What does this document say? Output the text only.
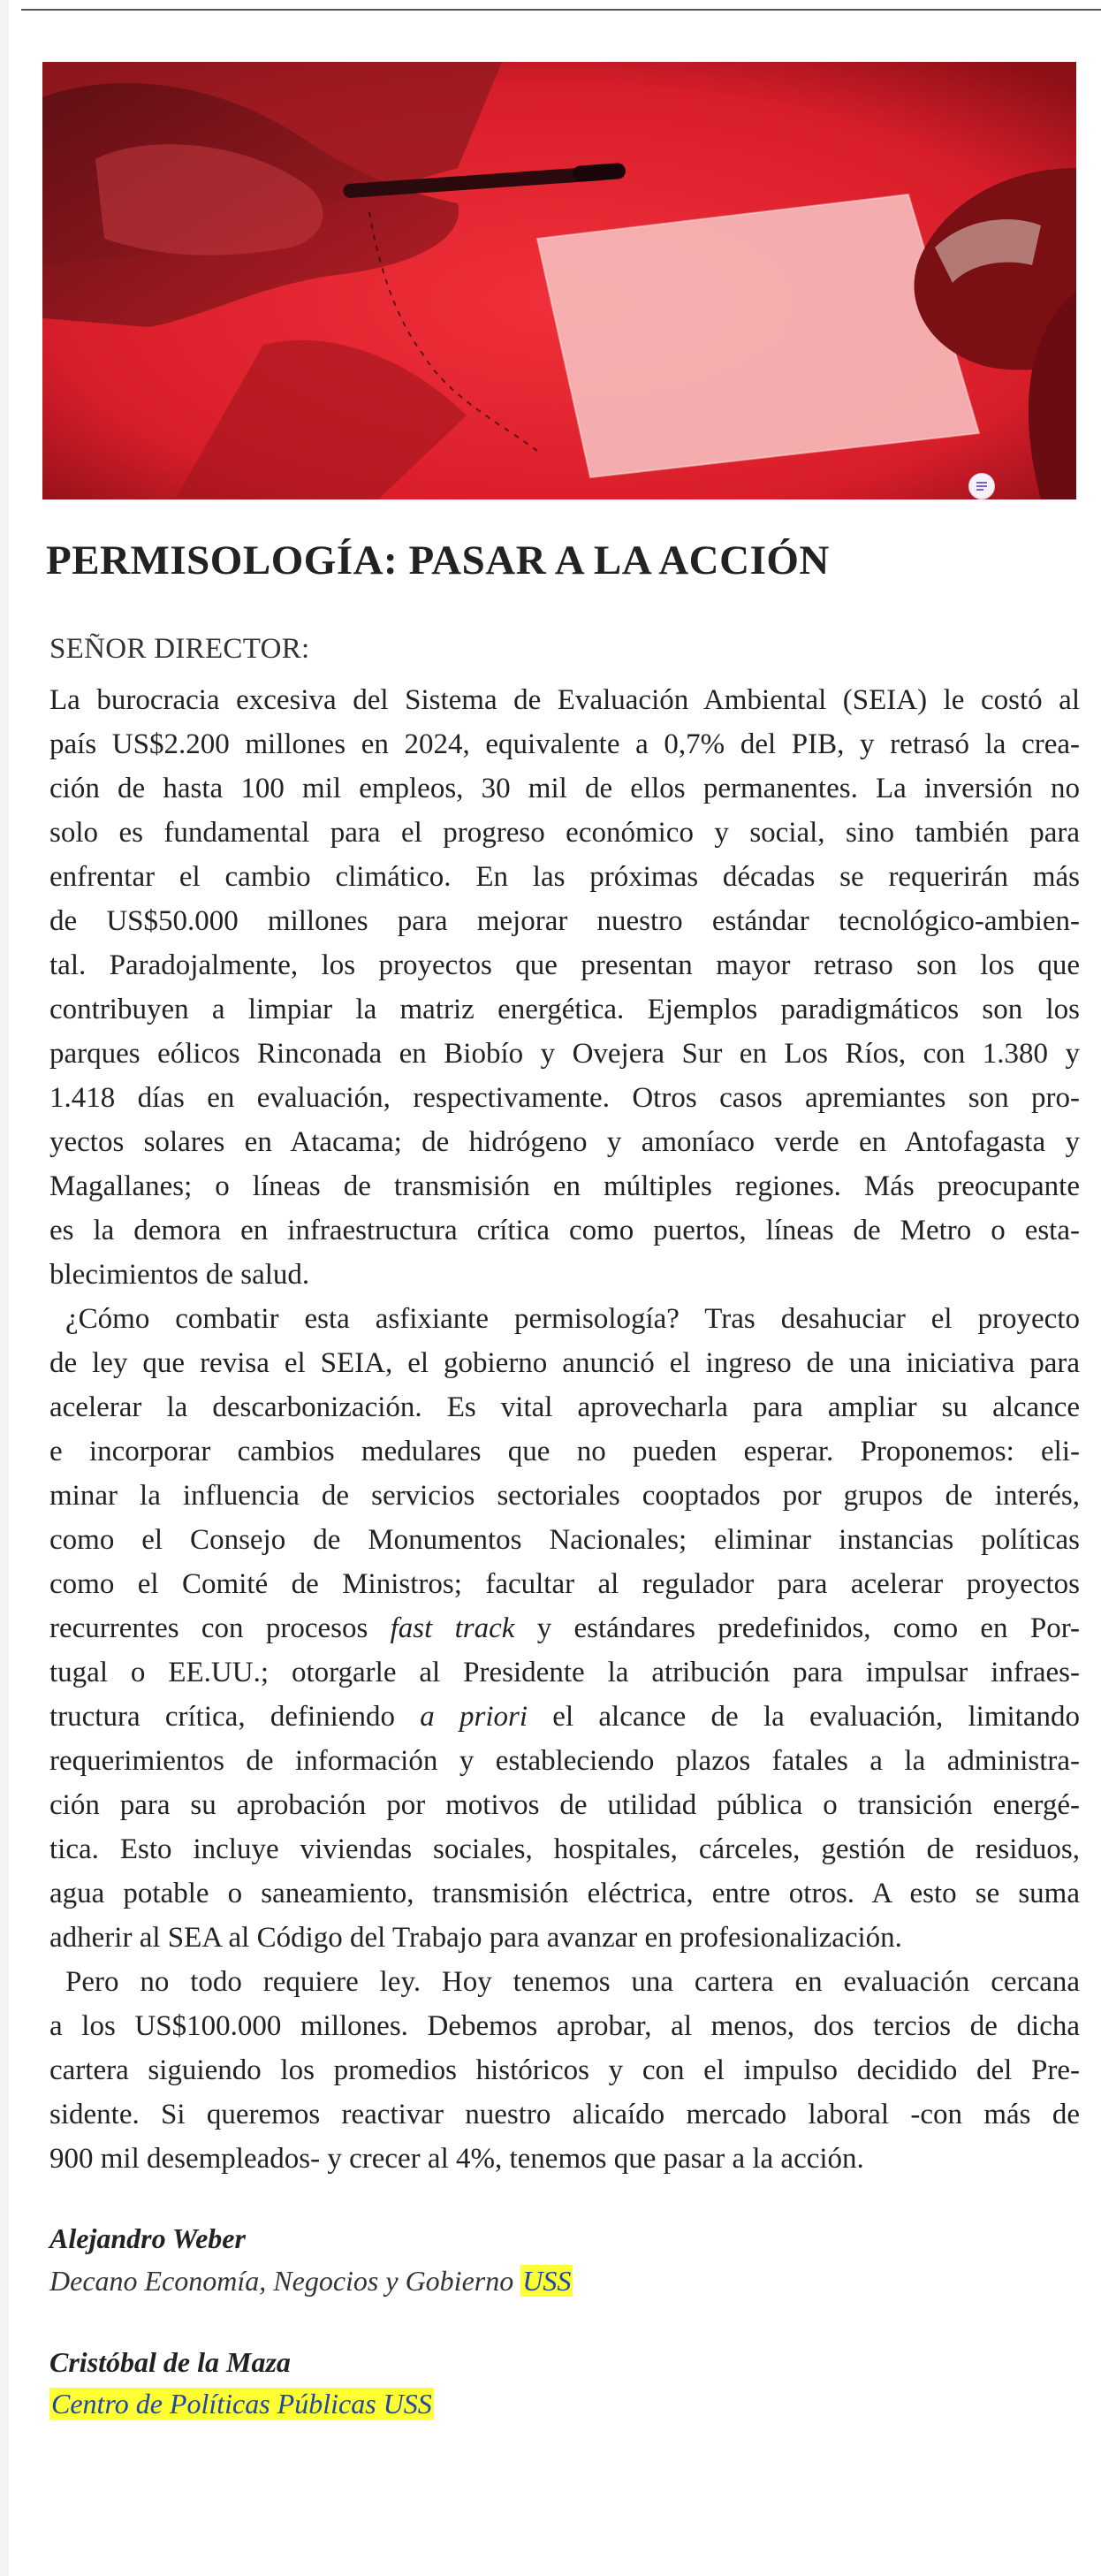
PERMISOLOGÍA: PASAR A LA ACCIÓN
SEÑOR DIRECTOR:
La burocracia excesiva del Sistema de Evaluación Ambiental (SEIA) le costó al
país US$2.200 millones en 2024, equivalente a 0,7% del PIB, y retrasó la crea-
ción de hasta 100 mil empleos, 30 mil de ellos permanentes. La inversión no
solo es fundamental para el progreso económico y social, sino también para
enfrentar el cambio climático. En las próximas décadas se requerirán más
de US$50.000 millones para mejorar nuestro estándar tecnológico-ambien-
tal. Paradojalmente, los proyectos que presentan mayor retraso son los que
contribuyen a limpiar la matriz energética. Ejemplos paradigmáticos son los
parques eólicos Rinconada en Biobío y Ovejera Sur en Los Ríos, con 1.380 y
1.418 días en evaluación, respectivamente. Otros casos apremiantes son pro-
yectos solares en Atacama; de hidrógeno y amoníaco verde en Antofagasta y
Magallanes; o líneas de transmisión en múltiples regiones. Más preocupante
es la demora en infraestructura crítica como puertos, líneas de Metro o esta-
blecimientos de salud.
¿Cómo combatir esta asfixiante permisología? Tras desahuciar el proyecto
de ley que revisa el SEIA, el gobierno anunció el ingreso de una iniciativa para
acelerar la descarbonización. Es vital aprovecharla para ampliar su alcance
e incorporar cambios medulares que no pueden esperar. Proponemos: eli-
minar la influencia de servicios sectoriales cooptados por grupos de interés,
como el Consejo de Monumentos Nacionales; eliminar instancias políticas
como el Comité de Ministros; facultar al regulador para acelerar proyectos
recurrentes con procesos fast track y estándares predefinidos, como en Por-
tugal o EE.UU.; otorgarle al Presidente la atribución para impulsar infraes-
tructura crítica, definiendo a priori el alcance de la evaluación, limitando
requerimientos de información y estableciendo plazos fatales a la administra-
ción para su aprobación por motivos de utilidad pública o transición energé-
tica. Esto incluye viviendas sociales, hospitales, cárceles, gestión de residuos,
agua potable o saneamiento, transmisión eléctrica, entre otros. A esto se suma
adherir al SEA al Código del Trabajo para avanzar en profesionalización.
Pero no todo requiere ley. Hoy tenemos una cartera en evaluación cercana
a los US$100.000 millones. Debemos aprobar, al menos, dos tercios de dicha
cartera siguiendo los promedios históricos y con el impulso decidido del Pre-
sidente. Si queremos reactivar nuestro alicaído mercado laboral -con más de
900 mil desempleados- y crecer al 4%, tenemos que pasar a la acción.
Alejandro Weber
Decano Economía, Negocios y Gobierno USS
Cristóbal de la Maza
Centro de Políticas Públicas USS
